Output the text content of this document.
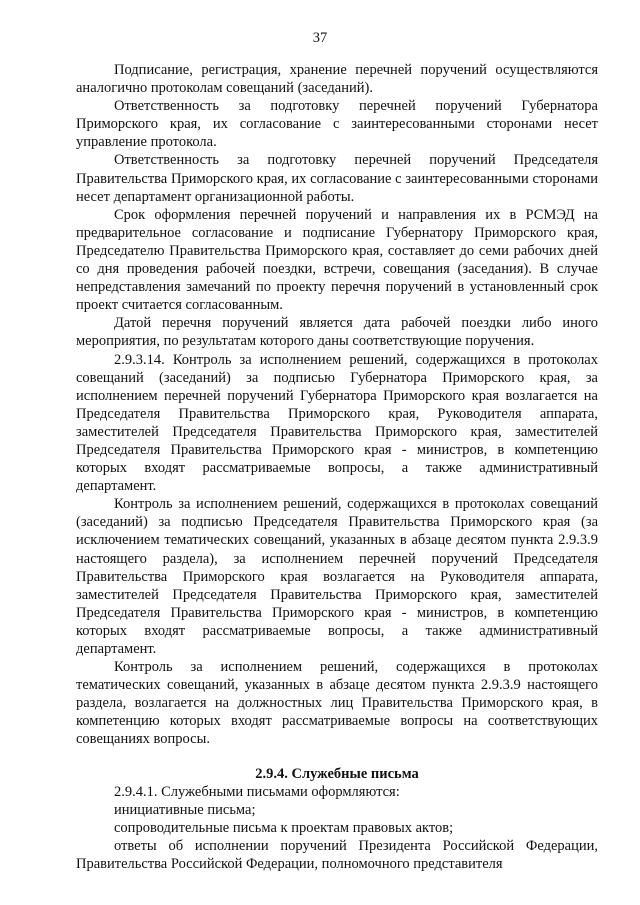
37

Подписание, регистрация, хранение перечней поручений осуществляются аналогично протоколам совещаний (заседаний).

Ответственность за подготовку перечней поручений Губернатора Приморского края, их согласование с заинтересованными сторонами несет управление протокола.

Ответственность за подготовку перечней поручений Председателя Правительства Приморского края, их согласование с заинтересованными сторонами несет департамент организационной работы.

Срок оформления перечней поручений и направления их в РСМЭД на предварительное согласование и подписание Губернатору Приморского края, Председателю Правительства Приморского края, составляет до семи рабочих дней со дня проведения рабочей поездки, встречи, совещания (заседания). В случае непредставления замечаний по проекту перечня поручений в установленный срок проект считается согласованным.

Датой перечня поручений является дата рабочей поездки либо иного мероприятия, по результатам которого даны соответствующие поручения.

2.9.3.14. Контроль за исполнением решений, содержащихся в протоколах совещаний (заседаний) за подписью Губернатора Приморского края, за исполнением перечней поручений Губернатора Приморского края возлагается на Председателя Правительства Приморского края, Руководителя аппарата, заместителей Председателя Правительства Приморского края, заместителей Председателя Правительства Приморского края - министров, в компетенцию которых входят рассматриваемые вопросы, а также административный департамент.

Контроль за исполнением решений, содержащихся в протоколах совещаний (заседаний) за подписью Председателя Правительства Приморского края (за исключением тематических совещаний, указанных в абзаце десятом пункта 2.9.3.9 настоящего раздела), за исполнением перечней поручений Председателя Правительства Приморского края возлагается на Руководителя аппарата, заместителей Председателя Правительства Приморского края, заместителей Председателя Правительства Приморского края - министров, в компетенцию которых входят рассматриваемые вопросы, а также административный департамент.

Контроль за исполнением решений, содержащихся в протоколах тематических совещаний, указанных в абзаце десятом пункта 2.9.3.9 настоящего раздела, возлагается на должностных лиц Правительства Приморского края, в компетенцию которых входят рассматриваемые вопросы на соответствующих совещаниях вопросы.

2.9.4. Служебные письма

2.9.4.1. Служебными письмами оформляются:

инициативные письма;

сопроводительные письма к проектам правовых актов;

ответы об исполнении поручений Президента Российской Федерации, Правительства Российской Федерации, полномочного представителя
